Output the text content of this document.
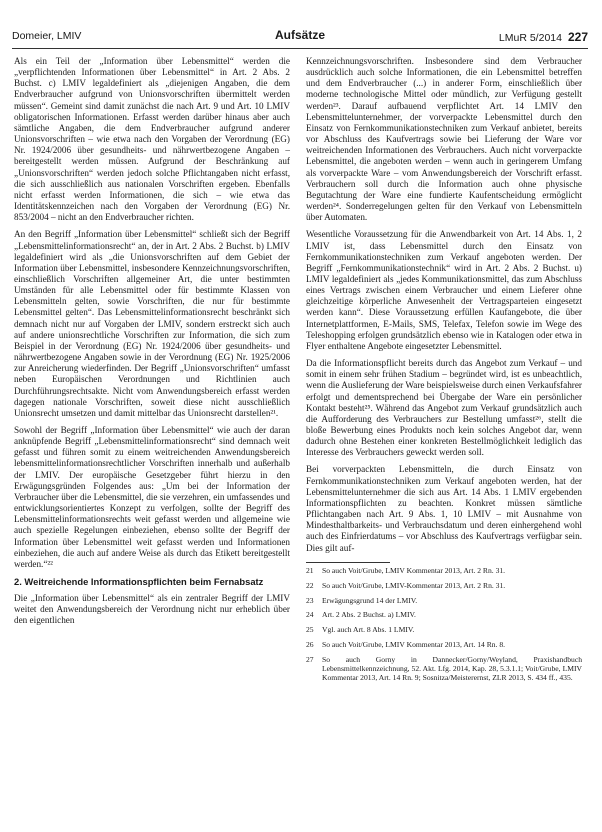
Domeier, LMIV	Aufsätze	LMuR 5/2014 227

Als ein Teil der „Information über Lebensmittel“ werden die „verpflichtenden Informationen über Lebensmittel“ in Art. 2 Abs. 2 Buchst. c) LMIV legaldefiniert als „diejenigen Angaben, die dem Endverbraucher aufgrund von Unionsvorschriften übermittelt werden müssen“. Gemeint sind damit zunächst die nach Art. 9 und Art. 10 LMIV obligatorischen Informationen. Erfasst werden darüber hinaus aber auch sämtliche Angaben, die dem Endverbraucher aufgrund anderer Unionsvorschriften – wie etwa nach den Vorgaben der Verordnung (EG) Nr. 1924/2006 über gesundheits- und nährwertbezogene Angaben – bereitgestellt werden müssen. Aufgrund der Beschränkung auf „Unionsvorschriften“ werden jedoch solche Pflichtangaben nicht erfasst, die sich ausschließlich aus nationalen Vorschriften ergeben. Ebenfalls nicht erfasst werden Informationen, die sich – wie etwa das Identitätskennzeichen nach den Vorgaben der Verordnung (EG) Nr. 853/2004 – nicht an den Endverbraucher richten.

An den Begriff „Information über Lebensmittel“ schließt sich der Begriff „Lebensmittelinformationsrecht“ an, der in Art. 2 Abs. 2 Buchst. b) LMIV legaldefiniert wird als „die Unionsvorschriften auf dem Gebiet der Information über Lebensmittel, insbesondere Kennzeichnungsvorschriften, einschließlich Vorschriften allgemeiner Art, die unter bestimmten Umständen für alle Lebensmittel oder für bestimmte Klassen von Lebensmitteln gelten, sowie Vorschriften, die nur für bestimmte Lebensmittel gelten“. Das Lebensmittelinformationsrecht beschränkt sich demnach nicht nur auf Vorgaben der LMIV, sondern erstreckt sich auch auf andere unionsrechtliche Vorschriften zur Information, die sich zum Beispiel in der Verordnung (EG) Nr. 1924/2006 über gesundheits- und nährwertbezogene Angaben sowie in der Verordnung (EG) Nr. 1925/2006 zur Anreicherung wiederfinden. Der Begriff „Unionsvorschriften“ umfasst neben Europäischen Verordnungen und Richtlinien auch Durchführungsrechtsakte. Nicht vom Anwendungsbereich erfasst werden dagegen nationale Vorschriften, soweit diese nicht ausschließlich Unionsrecht umsetzen und damit mittelbar das Unionsrecht darstellen²¹.

Sowohl der Begriff „Information über Lebensmittel“ wie auch der daran anknüpfende Begriff „Lebensmittelinformationsrecht“ sind demnach weit gefasst und führen somit zu einem weitreichenden Anwendungsbereich lebensmittelinformationsrechtlicher Vorschriften innerhalb und außerhalb der LMIV. Der europäische Gesetzgeber führt hierzu in den Erwägungsgründen Folgendes aus: „Um bei der Information der Verbraucher über die Lebensmittel, die sie verzehren, ein umfassendes und entwicklungsorientiertes Konzept zu verfolgen, sollte der Begriff des Lebensmittelinformationsrechts weit gefasst werden und allgemeine wie auch spezielle Regelungen einbeziehen, ebenso sollte der Begriff der Information über Lebensmittel weit gefasst werden und Informationen einbeziehen, die auch auf andere Weise als durch das Etikett bereitgestellt werden.“²²

2. Weitreichende Informationspflichten beim Fernabsatz

Die „Information über Lebensmittel“ als ein zentraler Begriff der LMIV weitet den Anwendungsbereich der Verordnung nicht nur erheblich über den eigentlichen

Kennzeichnungsvorschriften. Insbesondere sind dem Verbraucher ausdrücklich auch solche Informationen, die ein Lebensmittel betreffen und dem Endverbraucher (...) in anderer Form, einschließlich über moderne technologische Mittel oder mündlich, zur Verfügung gestellt werden²³. Darauf aufbauend verpflichtet Art. 14 LMIV den Lebensmittelunternehmer, der vorverpackte Lebensmittel durch den Einsatz von Fernkommunikationstechniken zum Verkauf anbietet, bereits vor Abschluss des Kaufvertrags sowie bei Lieferung der Ware vor weitreichenden Informationen des Verbrauchers. Auch nicht vorverpackte Lebensmittel, die angeboten werden – wenn auch in geringerem Umfang als vorverpackte Ware – vom Anwendungsbereich der Vorschrift erfasst. Verbrauchern soll durch die Information auch ohne physische Begutachtung der Ware eine fundierte Kaufentscheidung ermöglicht werden²⁴. Sonderregelungen gelten für den Verkauf von Lebensmitteln über Automaten.

Wesentliche Voraussetzung für die Anwendbarkeit von Art. 14 Abs. 1, 2 LMIV ist, dass Lebensmittel durch den Einsatz von Fernkommunikationstechniken zum Verkauf angeboten werden. Der Begriff „Fernkommunikationstechnik“ wird in Art. 2 Abs. 2 Buchst. u) LMIV legaldefiniert als „jedes Kommunikationsmittel, das zum Abschluss eines Vertrags zwischen einem Verbraucher und einem Lieferer ohne gleichzeitige körperliche Anwesenheit der Vertragsparteien eingesetzt werden kann“. Diese Voraussetzung erfüllen Kaufangebote, die über Internetplattformen, E-Mails, SMS, Telefax, Telefon sowie im Wege des Teleshopping erfolgen grundsätzlich ebenso wie in Katalogen oder etwa in Flyer enthaltene Angebote eingesetzter Lebensmittel.

Da die Informationspflicht bereits durch das Angebot zum Verkauf – und somit in einem sehr frühen Stadium – begründet wird, ist es unbeachtlich, wenn die Auslieferung der Ware beispielsweise durch einen Verkaufsfahrer erfolgt und dementsprechend bei Übergabe der Ware ein persönlicher Kontakt besteht²⁵. Während das Angebot zum Verkauf grundsätzlich auch die Aufforderung des Verbrauchers zur Bestellung umfasst²⁶, stellt die bloße Bewerbung eines Produkts noch kein solches Angebot dar, wenn dadurch ohne Bestehen einer konkreten Bestellmöglichkeit lediglich das Interesse des Verbrauchers geweckt werden soll.

Bei vorverpackten Lebensmitteln, die durch Einsatz von Fernkommunikationstechniken zum Verkauf angeboten werden, hat der Lebensmittelunternehmer die sich aus Art. 14 Abs. 1 LMIV ergebenden Informationspflichten zu beachten. Konkret müssen sämtliche Pflichtangaben nach Art. 9 Abs. 1, 10 LMIV – mit Ausnahme von Mindesthaltbarkeits- und Verbrauchsdatum und deren einhergehend wohl auch des Einfrierdatums – vor Abschluss des Kaufvertrags verfügbar sein. Dies gilt auf-

21	So auch Voit/Grube, LMIV Kommentar 2013, Art. 2 Rn. 31.

22	So auch Voit/Grube, LMIV-Kommentar 2013, Art. 2 Rn. 31.

23	Erwägungsgrund 14 der LMIV.

24	Art. 2 Abs. 2 Buchst. a) LMIV.

25	Vgl. auch Art. 8 Abs. 1 LMIV.

26	So auch Voit/Grube, LMIV Kommentar 2013, Art. 14 Rn. 8.

27	So auch Gorny in Dannecker/Gorny/Weyland, Praxishandbuch Lebensmittelkennzeichnung, 52. Akt. Lfg. 2014, Kap. 28, 5.3.1.1; Voit/Grube, LMIV Kommentar 2013, Art. 14 Rn. 9; Sosnitza/Meisterernst, ZLR 2013, S. 434 ff., 435.
